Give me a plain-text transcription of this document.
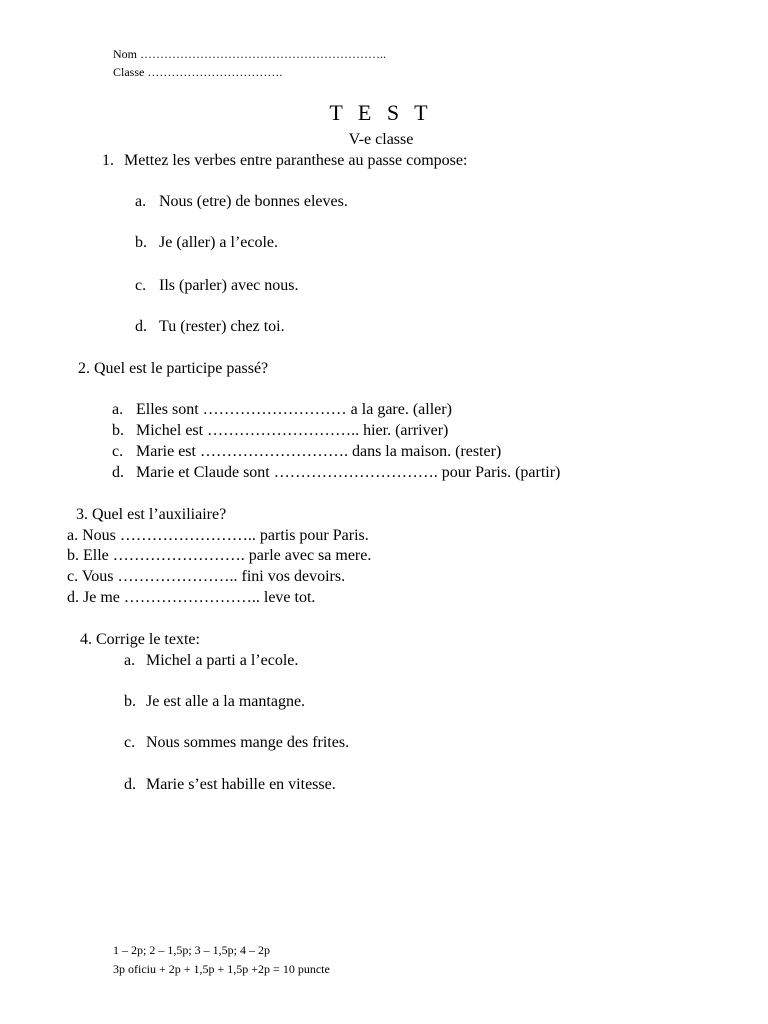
Nom ……………………………………………………..
Classe …………………………….
T E S T
V-e classe
1. Mettez les verbes entre paranthese au passe compose:
a. Nous (etre) de bonnes eleves.
b. Je (aller) a l’ecole.
c. Ils (parler) avec nous.
d. Tu (rester) chez toi.
2. Quel est le participe passé?
a. Elles sont ……………………… a la gare. (aller)
b. Michel est ……………………….. hier. (arriver)
c. Marie est ………………………. dans la maison. (rester)
d. Marie et Claude sont …………………………. pour Paris. (partir)
3. Quel est l’auxiliaire?
a. Nous …………………….. partis pour Paris.
b. Elle ……………………. parle avec sa mere.
c. Vous ………………….. fini vos devoirs.
d. Je me …………………….. leve tot.
4. Corrige le texte:
a. Michel a parti a l’ecole.
b. Je est alle a la mantagne.
c. Nous sommes mange des frites.
d. Marie s’est habille en vitesse.
1 – 2p; 2 – 1,5p; 3 – 1,5p; 4 – 2p
3p oficiu + 2p + 1,5p + 1,5p +2p = 10 puncte
